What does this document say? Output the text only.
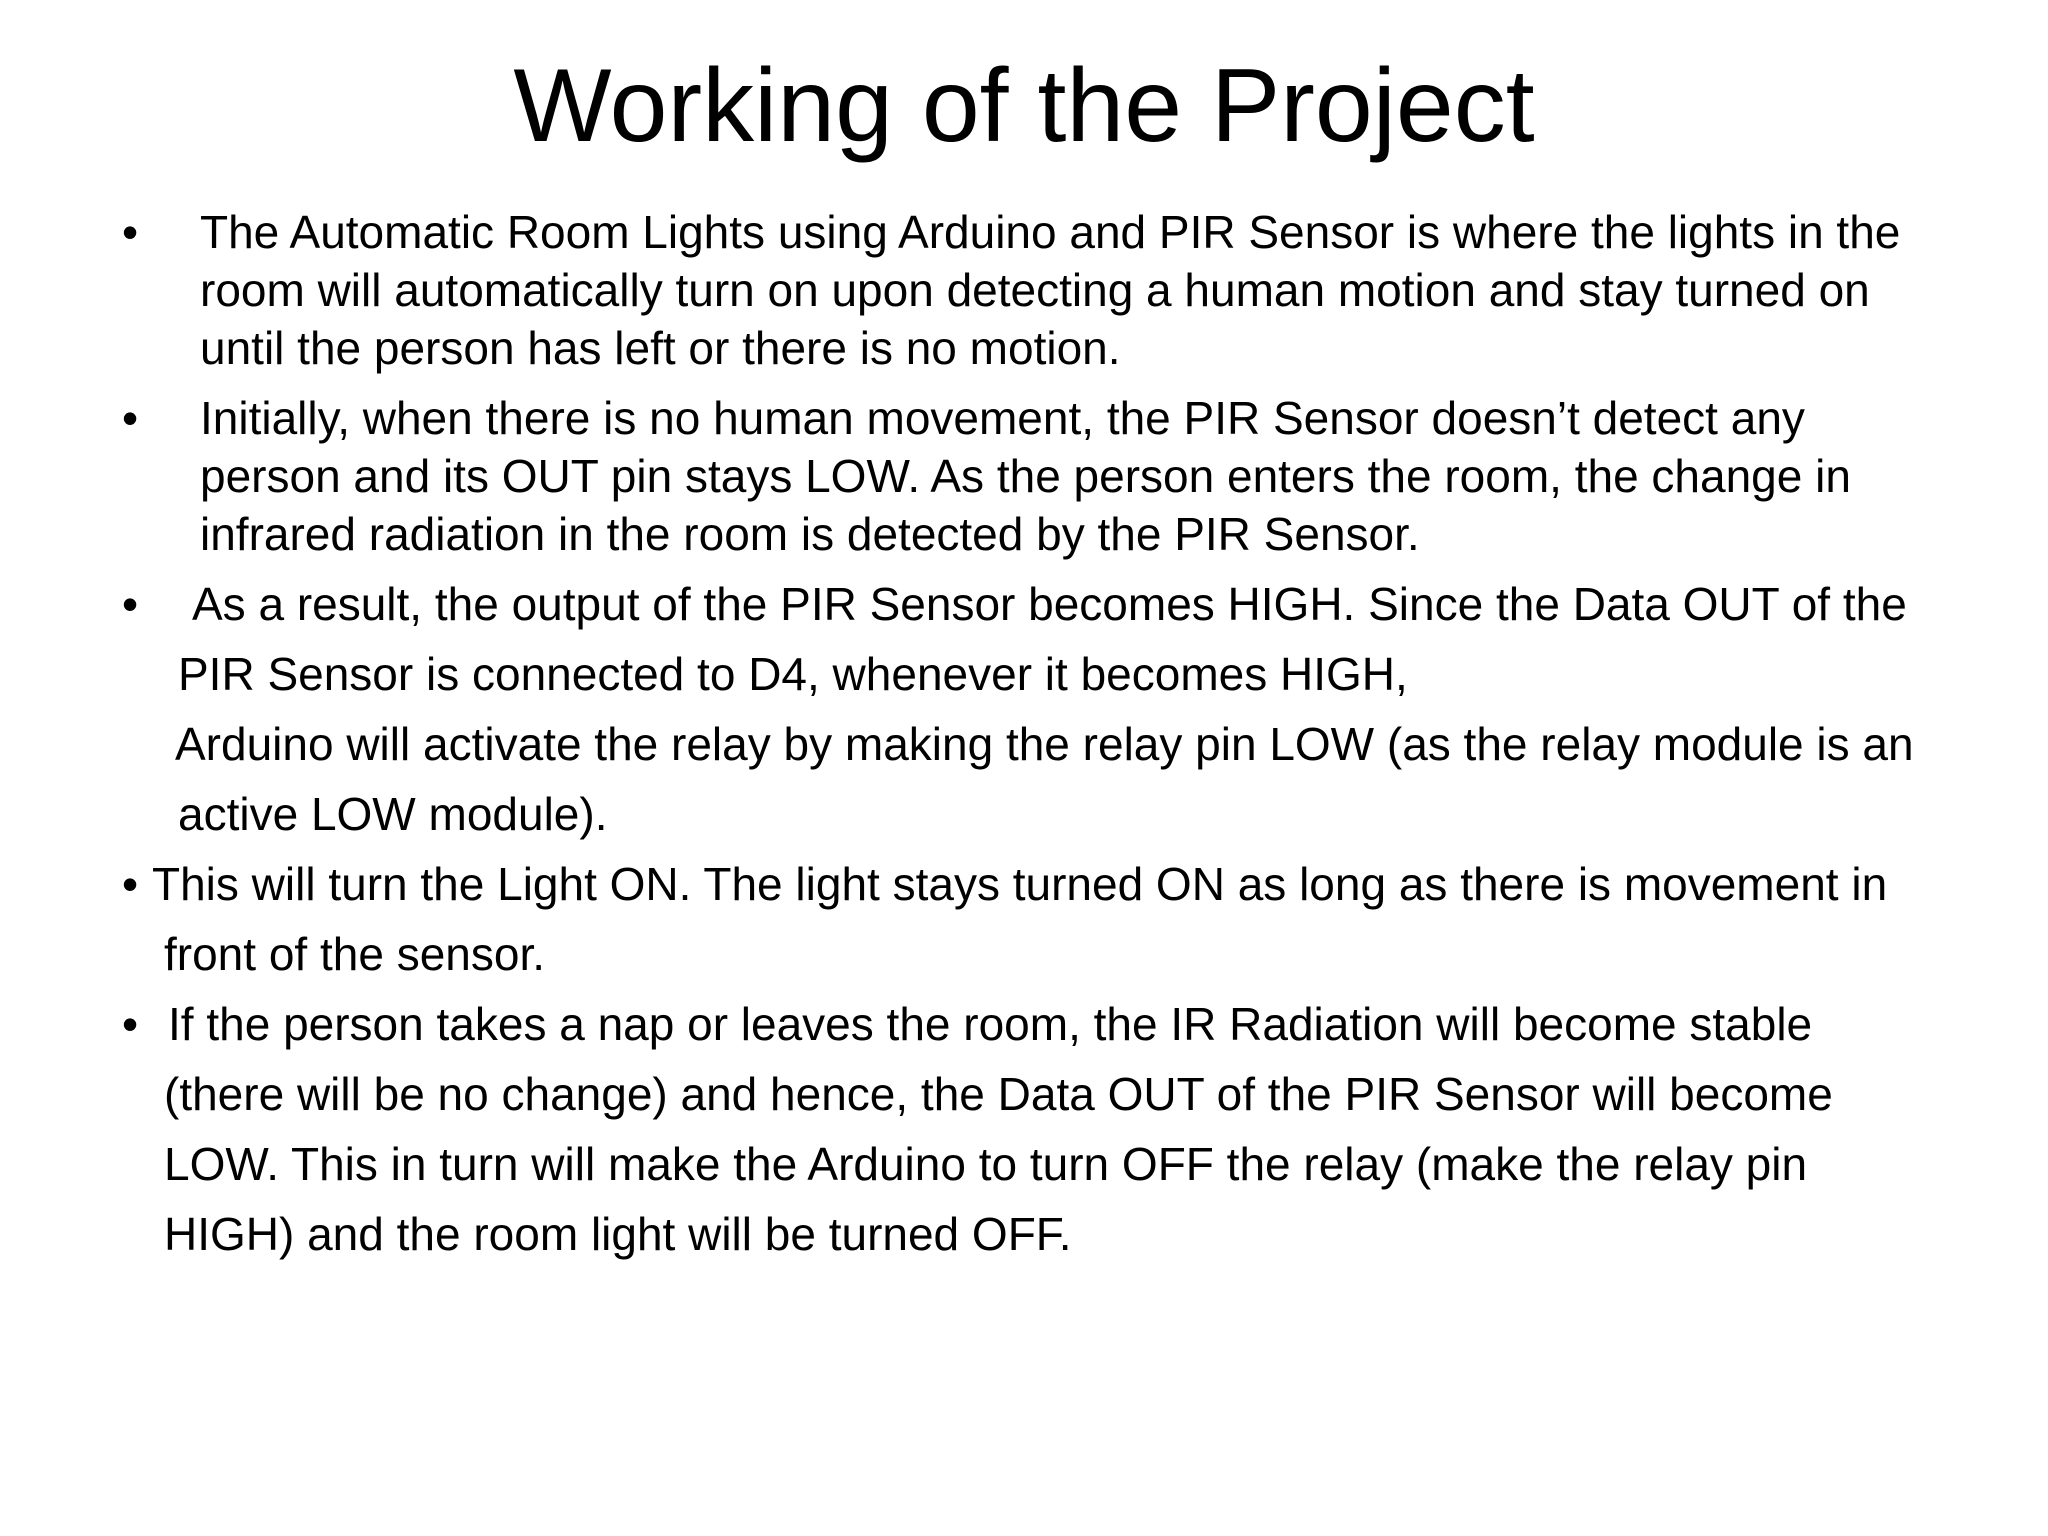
Working of the Project
• The Automatic Room Lights using Arduino and PIR Sensor is where the lights in the
room will automatically turn on upon detecting a human motion and stay turned on
until the person has left or there is no motion.
• Initially, when there is no human movement, the PIR Sensor doesn’t detect any
person and its OUT pin stays LOW. As the person enters the room, the change in
infrared radiation in the room is detected by the PIR Sensor.
• As a result, the output of the PIR Sensor becomes HIGH. Since the Data OUT of the
PIR Sensor is connected to D4, whenever it becomes HIGH,
Arduino will activate the relay by making the relay pin LOW (as the relay module is an
active LOW module).
• This will turn the Light ON. The light stays turned ON as long as there is movement in
front of the sensor.
• If the person takes a nap or leaves the room, the IR Radiation will become stable
(there will be no change) and hence, the Data OUT of the PIR Sensor will become
LOW. This in turn will make the Arduino to turn OFF the relay (make the relay pin
HIGH) and the room light will be turned OFF.
